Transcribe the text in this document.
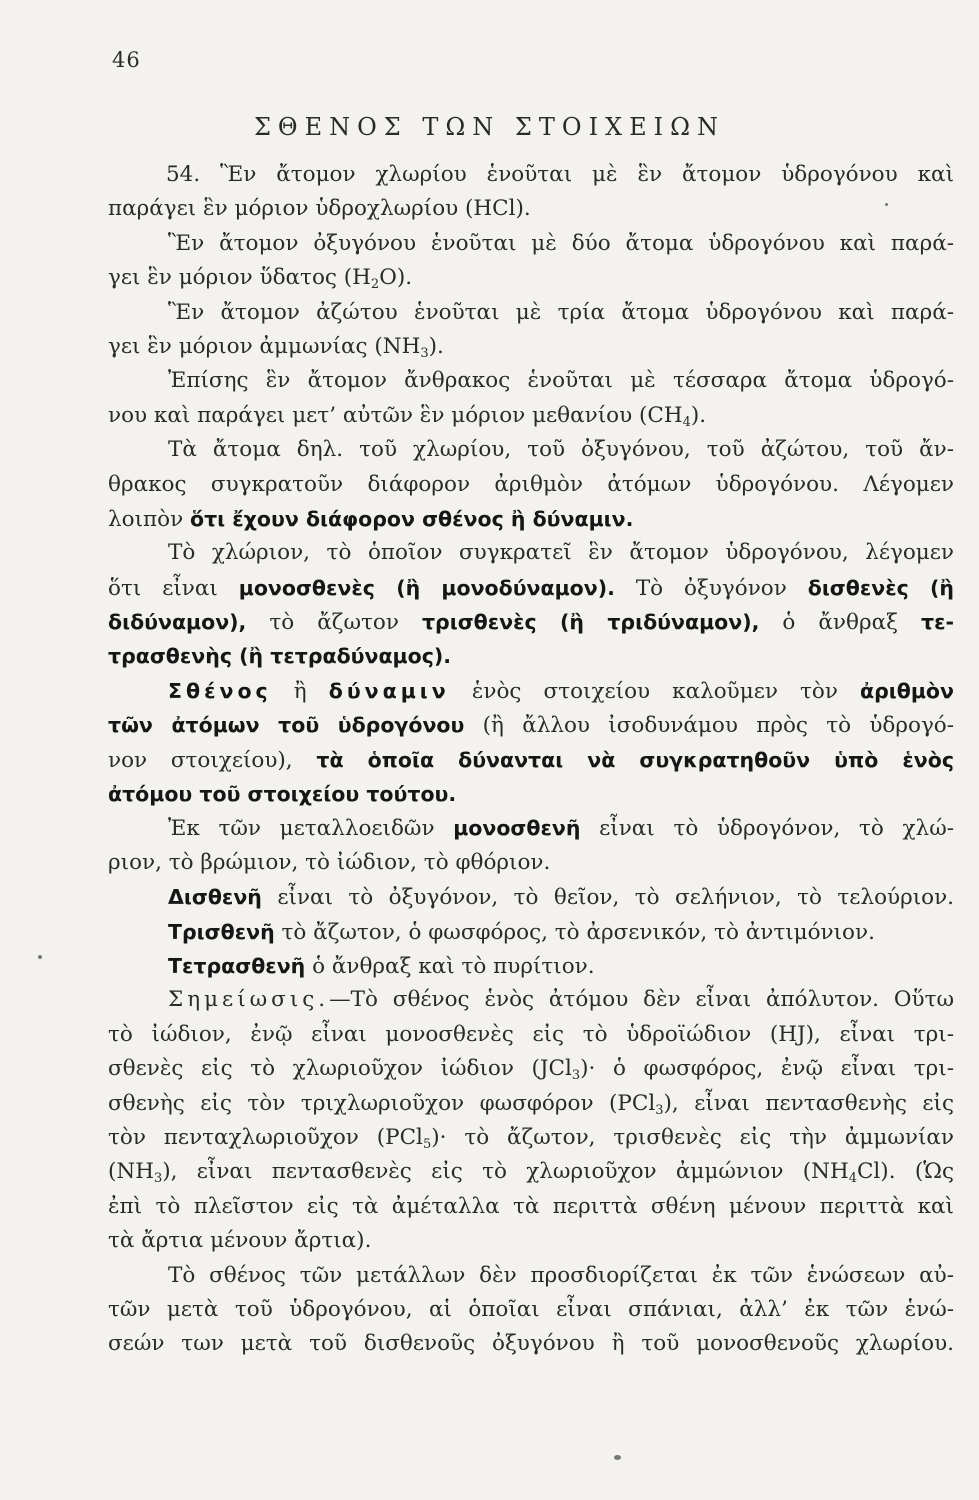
46
ΣΘΕΝΟΣ ΤΩΝ ΣΤΟΙΧΕΙΩΝ
54. Ἓν ἄτομον χλωρίου ἑνοῦται μὲ ἓν ἄτομον ὑδρογόνου καὶ
παράγει ἓν μόριον ὑδροχλωρίου (HCl).
Ἓν ἄτομον ὀξυγόνου ἑνοῦται μὲ δύο ἄτομα ὑδρογόνου καὶ παρά-
γει ἓν μόριον ὕδατος $(H_2O)$.
Ἓν ἄτομον ἀζώτου ἑνοῦται μὲ τρία ἄτομα ὑδρογόνου καὶ παρά-
γει ἓν μόριον ἀμμωνίας $(NH_3)$.
Ἐπίσης ἓν ἄτομον ἄνθρακος ἑνοῦται μὲ τέσσαρα ἄτομα ὑδρογό-
νου καὶ παράγει μετ’ αὐτῶν ἓν μόριον μεθανίου $(CH_4)$.
Τὰ ἄτομα δηλ. τοῦ χλωρίου, τοῦ ὀξυγόνου, τοῦ ἀζώτου, τοῦ ἄν-
θρακος συγκρατοῦν διάφορον ἀριθμὸν ἀτόμων ὑδρογόνου. Λέγομεν
λοιπὸν ὅτι ἔχουν διάφορον σθένος ἢ δύναμιν.
Τὸ χλώριον, τὸ ὁποῖον συγκρατεῖ ἓν ἄτομον ὑδρογόνου, λέγομεν
ὅτι εἶναι μονοσθενὲς (ἢ μονοδύναμον). Τὸ ὀξυγόνον δισθενὲς (ἢ
διδύναμον), τὸ ἄζωτον τρισθενὲς (ἢ τριδύναμον), ὁ ἄνθραξ τε-
τρασθενὴς (ἢ τετραδύναμος).
Σθένος ἢ δύναμιν ἑνὸς στοιχείου καλοῦμεν τὸν ἀριθμὸν
τῶν ἀτόμων τοῦ ὑδρογόνου (ἢ ἄλλου ἰσοδυνάμου πρὸς τὸ ὑδρογό-
νον στοιχείου), τὰ ὁποῖα δύνανται νὰ συγκρατηθοῦν ὑπὸ ἑνὸς
ἀτόμου τοῦ στοιχείου τούτου.
Ἐκ τῶν μεταλλοειδῶν μονοσθενῆ εἶναι τὸ ὑδρογόνον, τὸ χλώ-
ριον, τὸ βρώμιον, τὸ ἰώδιον, τὸ φθόριον.
Δισθενῆ εἶναι τὸ ὀξυγόνον, τὸ θεῖον, τὸ σελήνιον, τὸ τελούριον.
Τρισθενῆ τὸ ἄζωτον, ὁ φωσφόρος, τὸ ἀρσενικόν, τὸ ἀντιμόνιον.
Τετρασθενῆ ὁ ἄνθραξ καὶ τὸ πυρίτιον.
Σημείωσις.—Τὸ σθένος ἑνὸς ἀτόμου δὲν εἶναι ἀπόλυτον. Οὕτω
τὸ ἰώδιον, ἐνῷ εἶναι μονοσθενὲς εἰς τὸ ὑδροϊώδιον (HJ), εἶναι τρι-
σθενὲς εἰς τὸ χλωριοῦχον ἰώδιον (JCl$_3$)· ὁ φωσφόρος, ἐνῷ εἶναι τρι-
σθενὴς εἰς τὸν τριχλωριοῦχον φωσφόρον (PCl$_3$), εἶναι πεντασθενὴς εἰς
τὸν πενταχλωριοῦχον (PCl$_5$)· τὸ ἄζωτον, τρισθενὲς εἰς τὴν ἀμμωνίαν
$(NH_3)$, εἶναι πεντασθενὲς εἰς τὸ χλωριοῦχον ἀμμώνιον $(NH_4Cl)$. (Ὡς
ἐπὶ τὸ πλεῖστον εἰς τὰ ἀμέταλλα τὰ περιττὰ σθένη μένουν περιττὰ καὶ
τὰ ἄρτια μένουν ἄρτια).
Τὸ σθένος τῶν μετάλλων δὲν προσδιορίζεται ἐκ τῶν ἑνώσεων αὐ-
τῶν μετὰ τοῦ ὑδρογόνου, αἱ ὁποῖαι εἶναι σπάνιαι, ἀλλ’ ἐκ τῶν ἑνώ-
σεών των μετὰ τοῦ δισθενοῦς ὀξυγόνου ἢ τοῦ μονοσθενοῦς χλωρίου.
